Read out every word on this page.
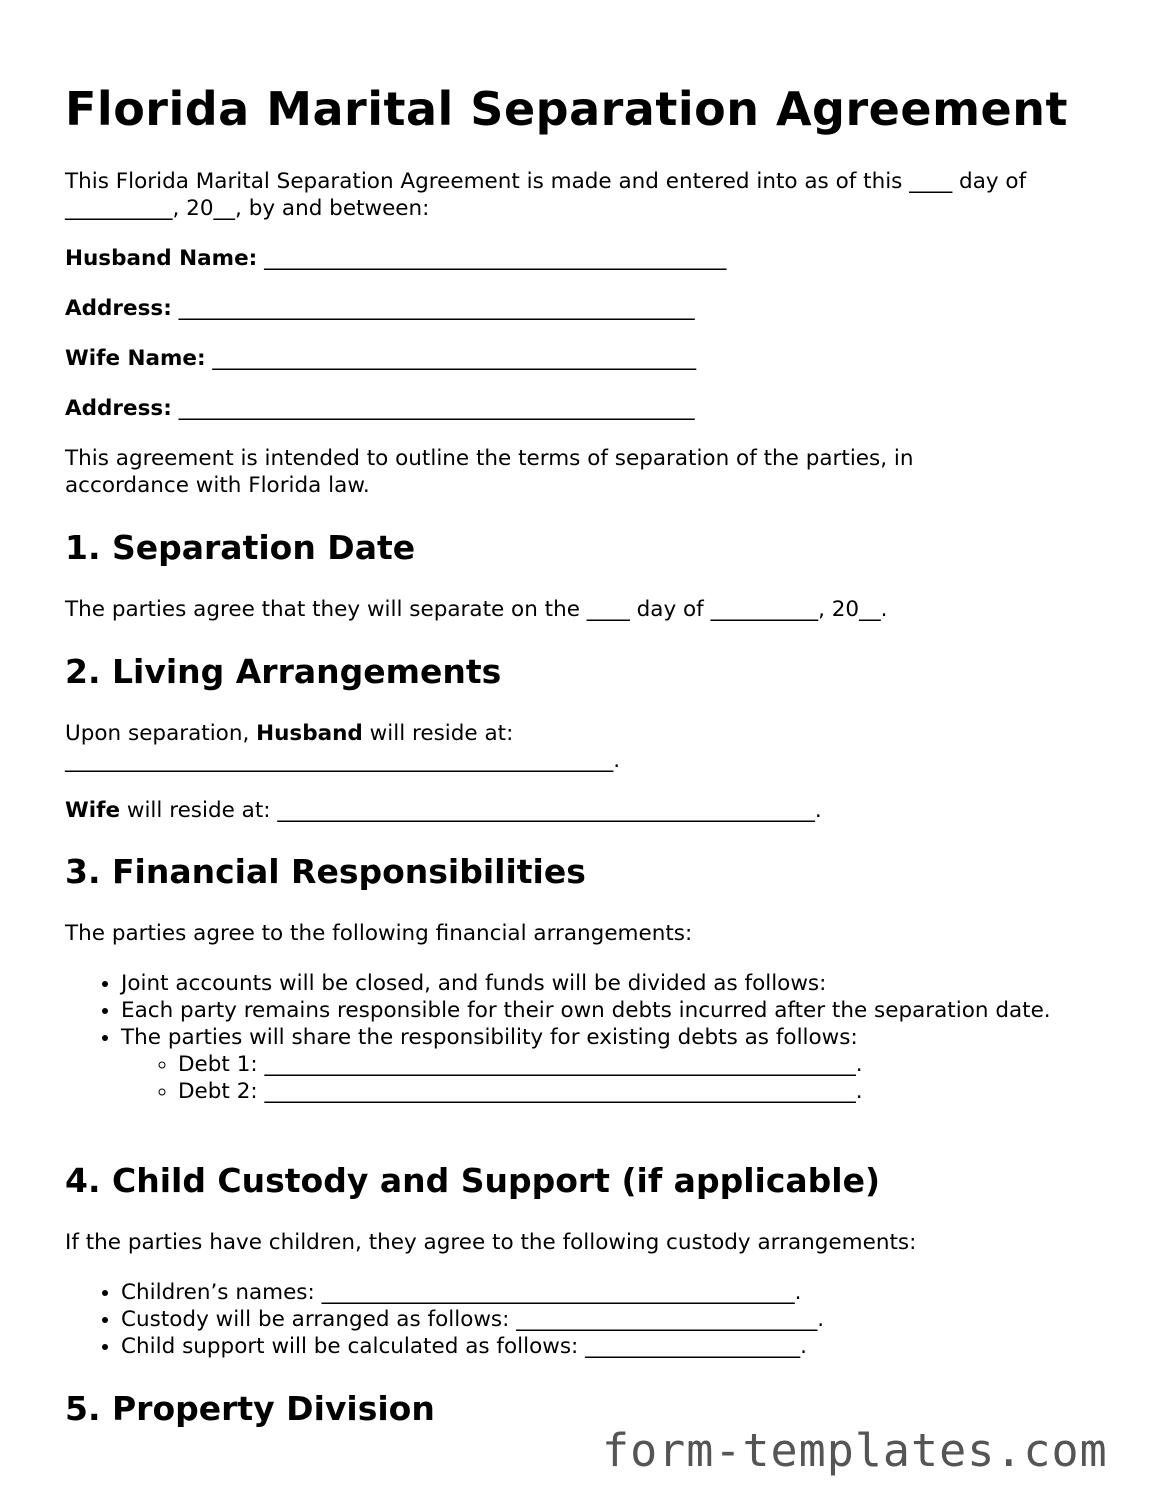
Florida Marital Separation Agreement

This Florida Marital Separation Agreement is made and entered into as of this ____ day of __________, 20__, by and between:

Husband Name: ___________________________________________

Address: ________________________________________________

Wife Name: _____________________________________________

Address: ________________________________________________

This agreement is intended to outline the terms of separation of the parties, in accordance with Florida law.

1. Separation Date

The parties agree that they will separate on the ____ day of __________, 20__.

2. Living Arrangements

Upon separation, Husband will reside at:

___________________________________________________.

Wife will reside at: __________________________________________________.

3. Financial Responsibilities

The parties agree to the following financial arrangements:

• Joint accounts will be closed, and funds will be divided as follows:
• Each party remains responsible for their own debts incurred after the separation date.
• The parties will share the responsibility for existing debts as follows:
◦ Debt 1: _______________________________________________________.
◦ Debt 2: _______________________________________________________.
4. Child Custody and Support (if applicable)

If the parties have children, they agree to the following custody arrangements:

• Children’s names: ____________________________________________.
• Custody will be arranged as follows: ____________________________.
• Child support will be calculated as follows: ____________________.
5. Property Division
form-templates.com
